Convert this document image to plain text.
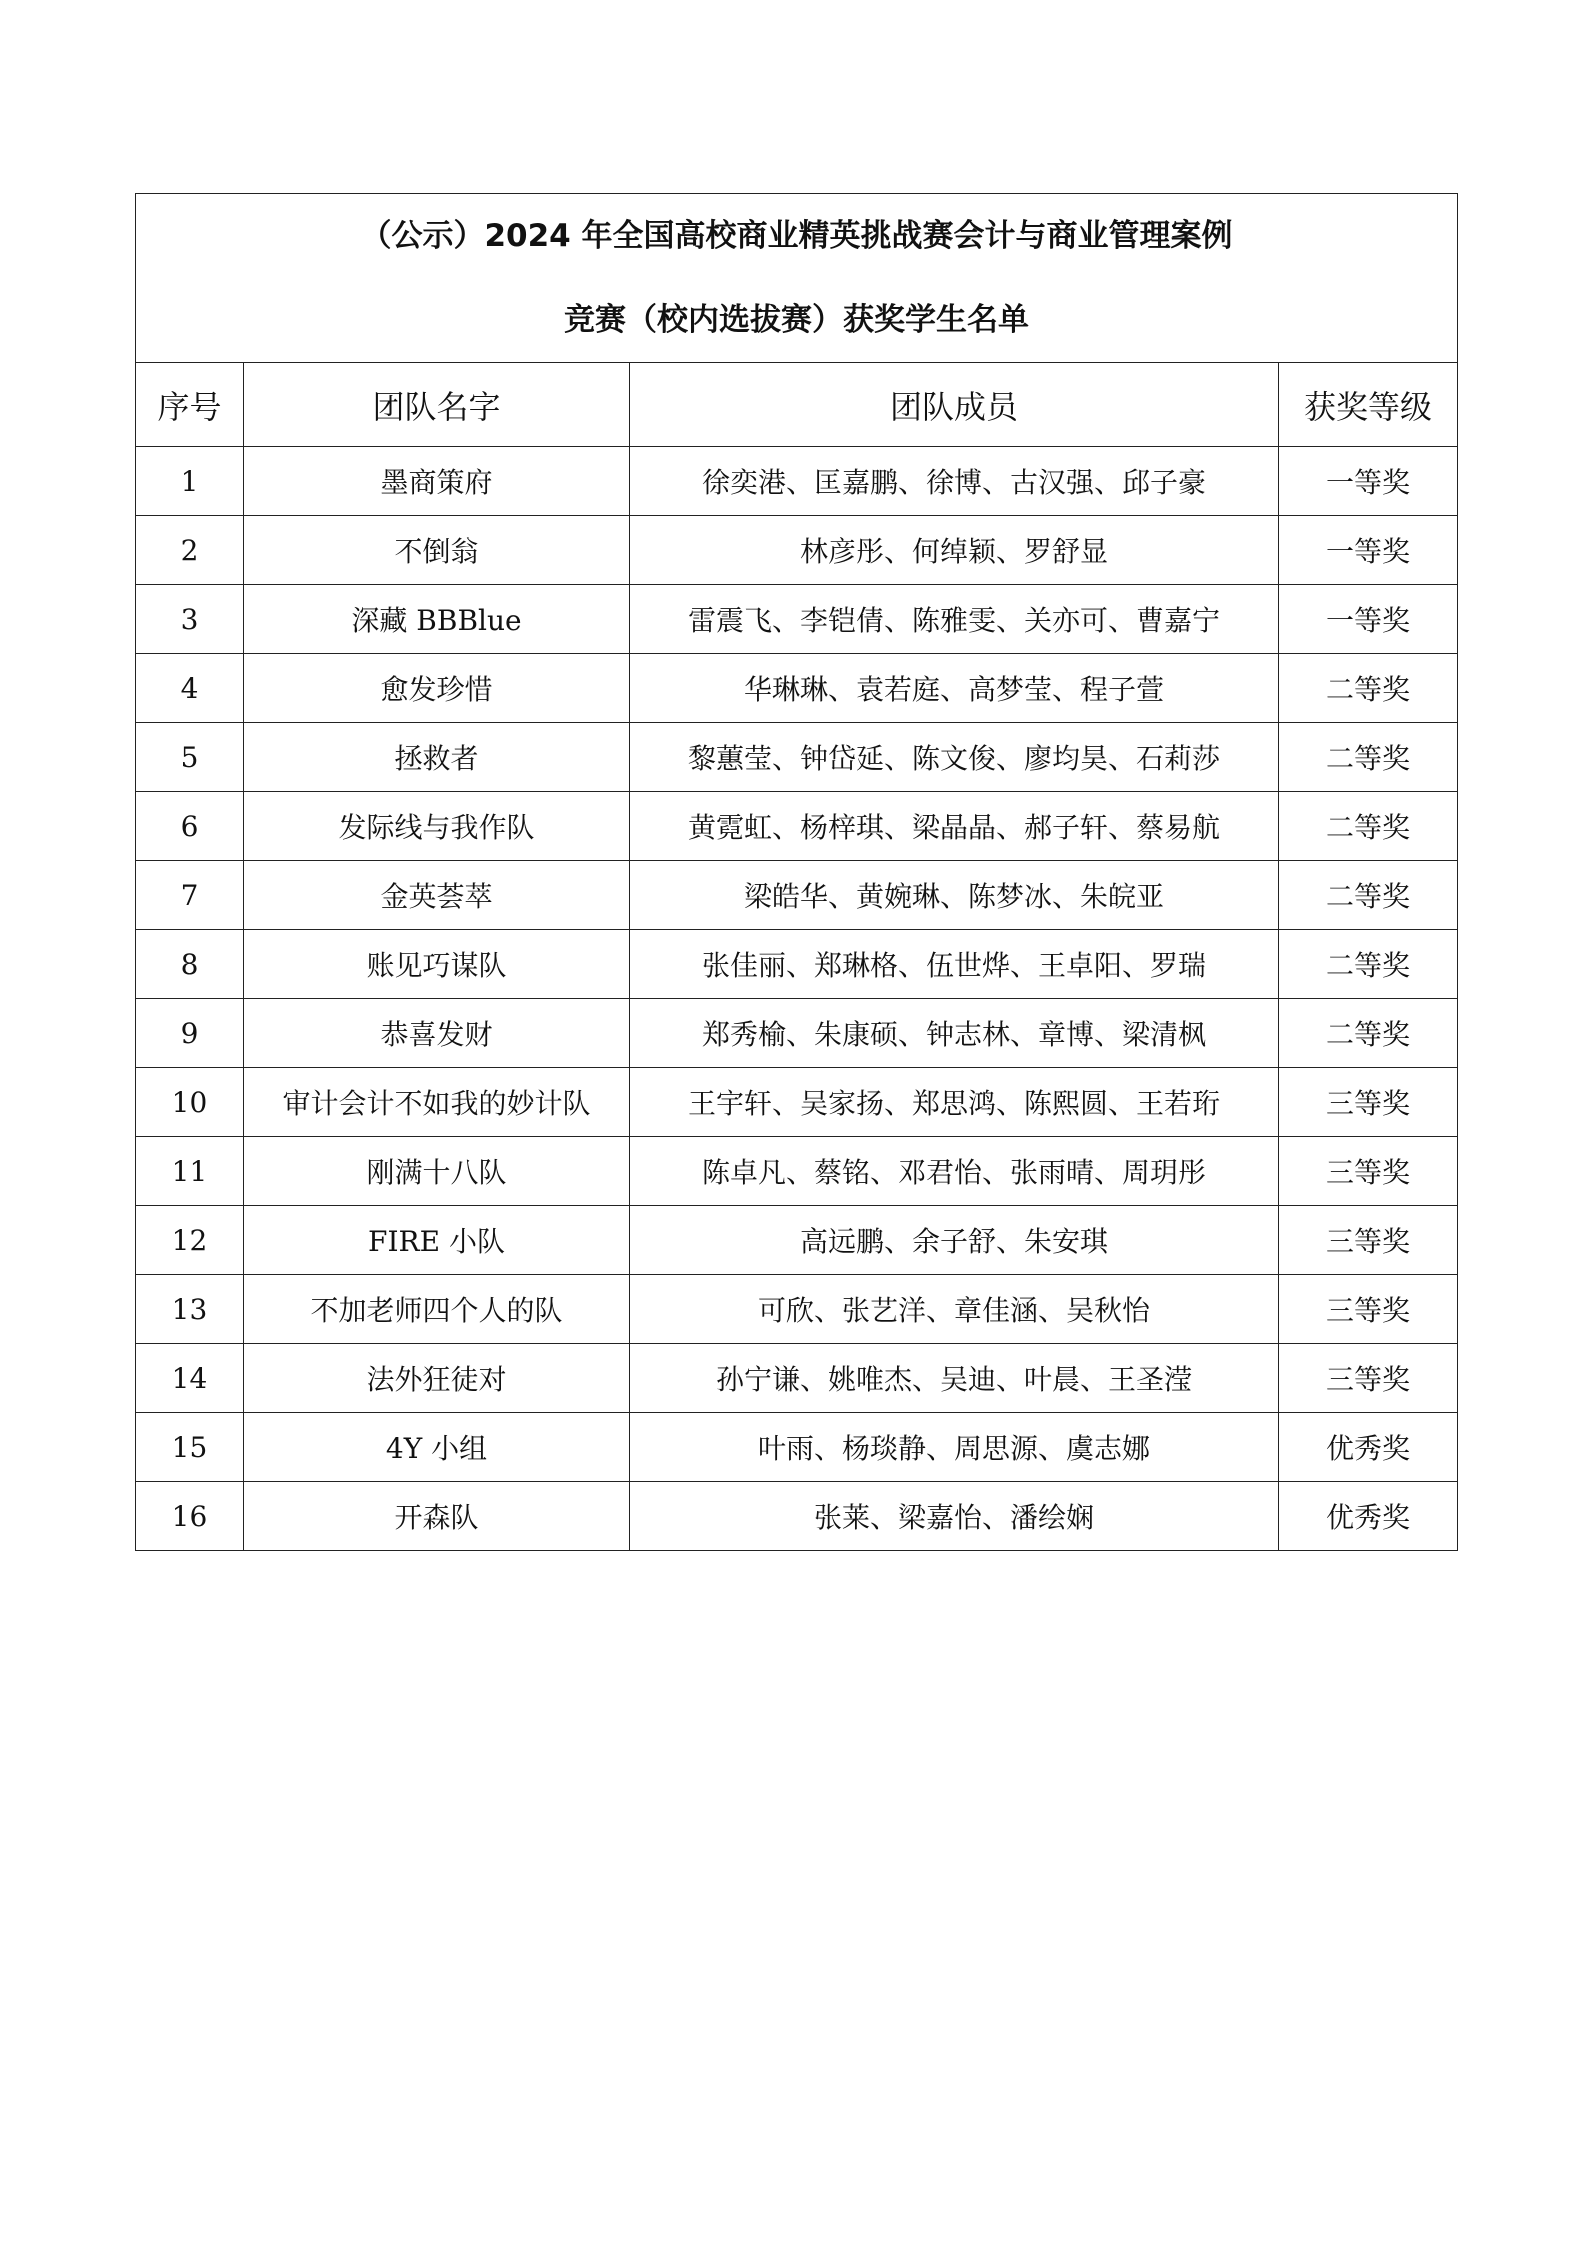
（公示）2024 年全国高校商业精英挑战赛会计与商业管理案例
竞赛（校内选拔赛）获奖学生名单			

序号	团队名字	团队成员	获奖等级
1	墨商策府	徐奕港、匡嘉鹏、徐博、古汉强、邱子豪	一等奖
2	不倒翁	林彦彤、何绰颖、罗舒显	一等奖
3	深藏 BBBlue	雷震飞、李铠倩、陈雅雯、关亦可、曹嘉宁	一等奖
4	愈发珍惜	华琳琳、袁若庭、高梦莹、程子萱	二等奖
5	拯救者	黎蕙莹、钟岱延、陈文俊、廖均昊、石莉莎	二等奖
6	发际线与我作队	黄霓虹、杨梓琪、梁晶晶、郝子轩、蔡易航	二等奖
7	金英荟萃	梁皓华、黄婉琳、陈梦冰、朱皖亚	二等奖
8	账见巧谋队	张佳丽、郑琳格、伍世烨、王卓阳、罗瑞	二等奖
9	恭喜发财	郑秀榆、朱康硕、钟志林、章博、梁清枫	二等奖
10	审计会计不如我的妙计队	王宇轩、吴家扬、郑思鸿、陈熙圆、王若珩	三等奖
11	刚满十八队	陈卓凡、蔡铭、邓君怡、张雨晴、周玥彤	三等奖
12	FIRE 小队	高远鹏、余子舒、朱安琪	三等奖
13	不加老师四个人的队	可欣、张艺洋、章佳涵、吴秋怡	三等奖
14	法外狂徒对	孙宁谦、姚唯杰、吴迪、叶晨、王圣滢	三等奖
15	4Y 小组	叶雨、杨琰静、周思源、虞志娜	优秀奖
16	开森队	张莱、梁嘉怡、潘绘娴	优秀奖
